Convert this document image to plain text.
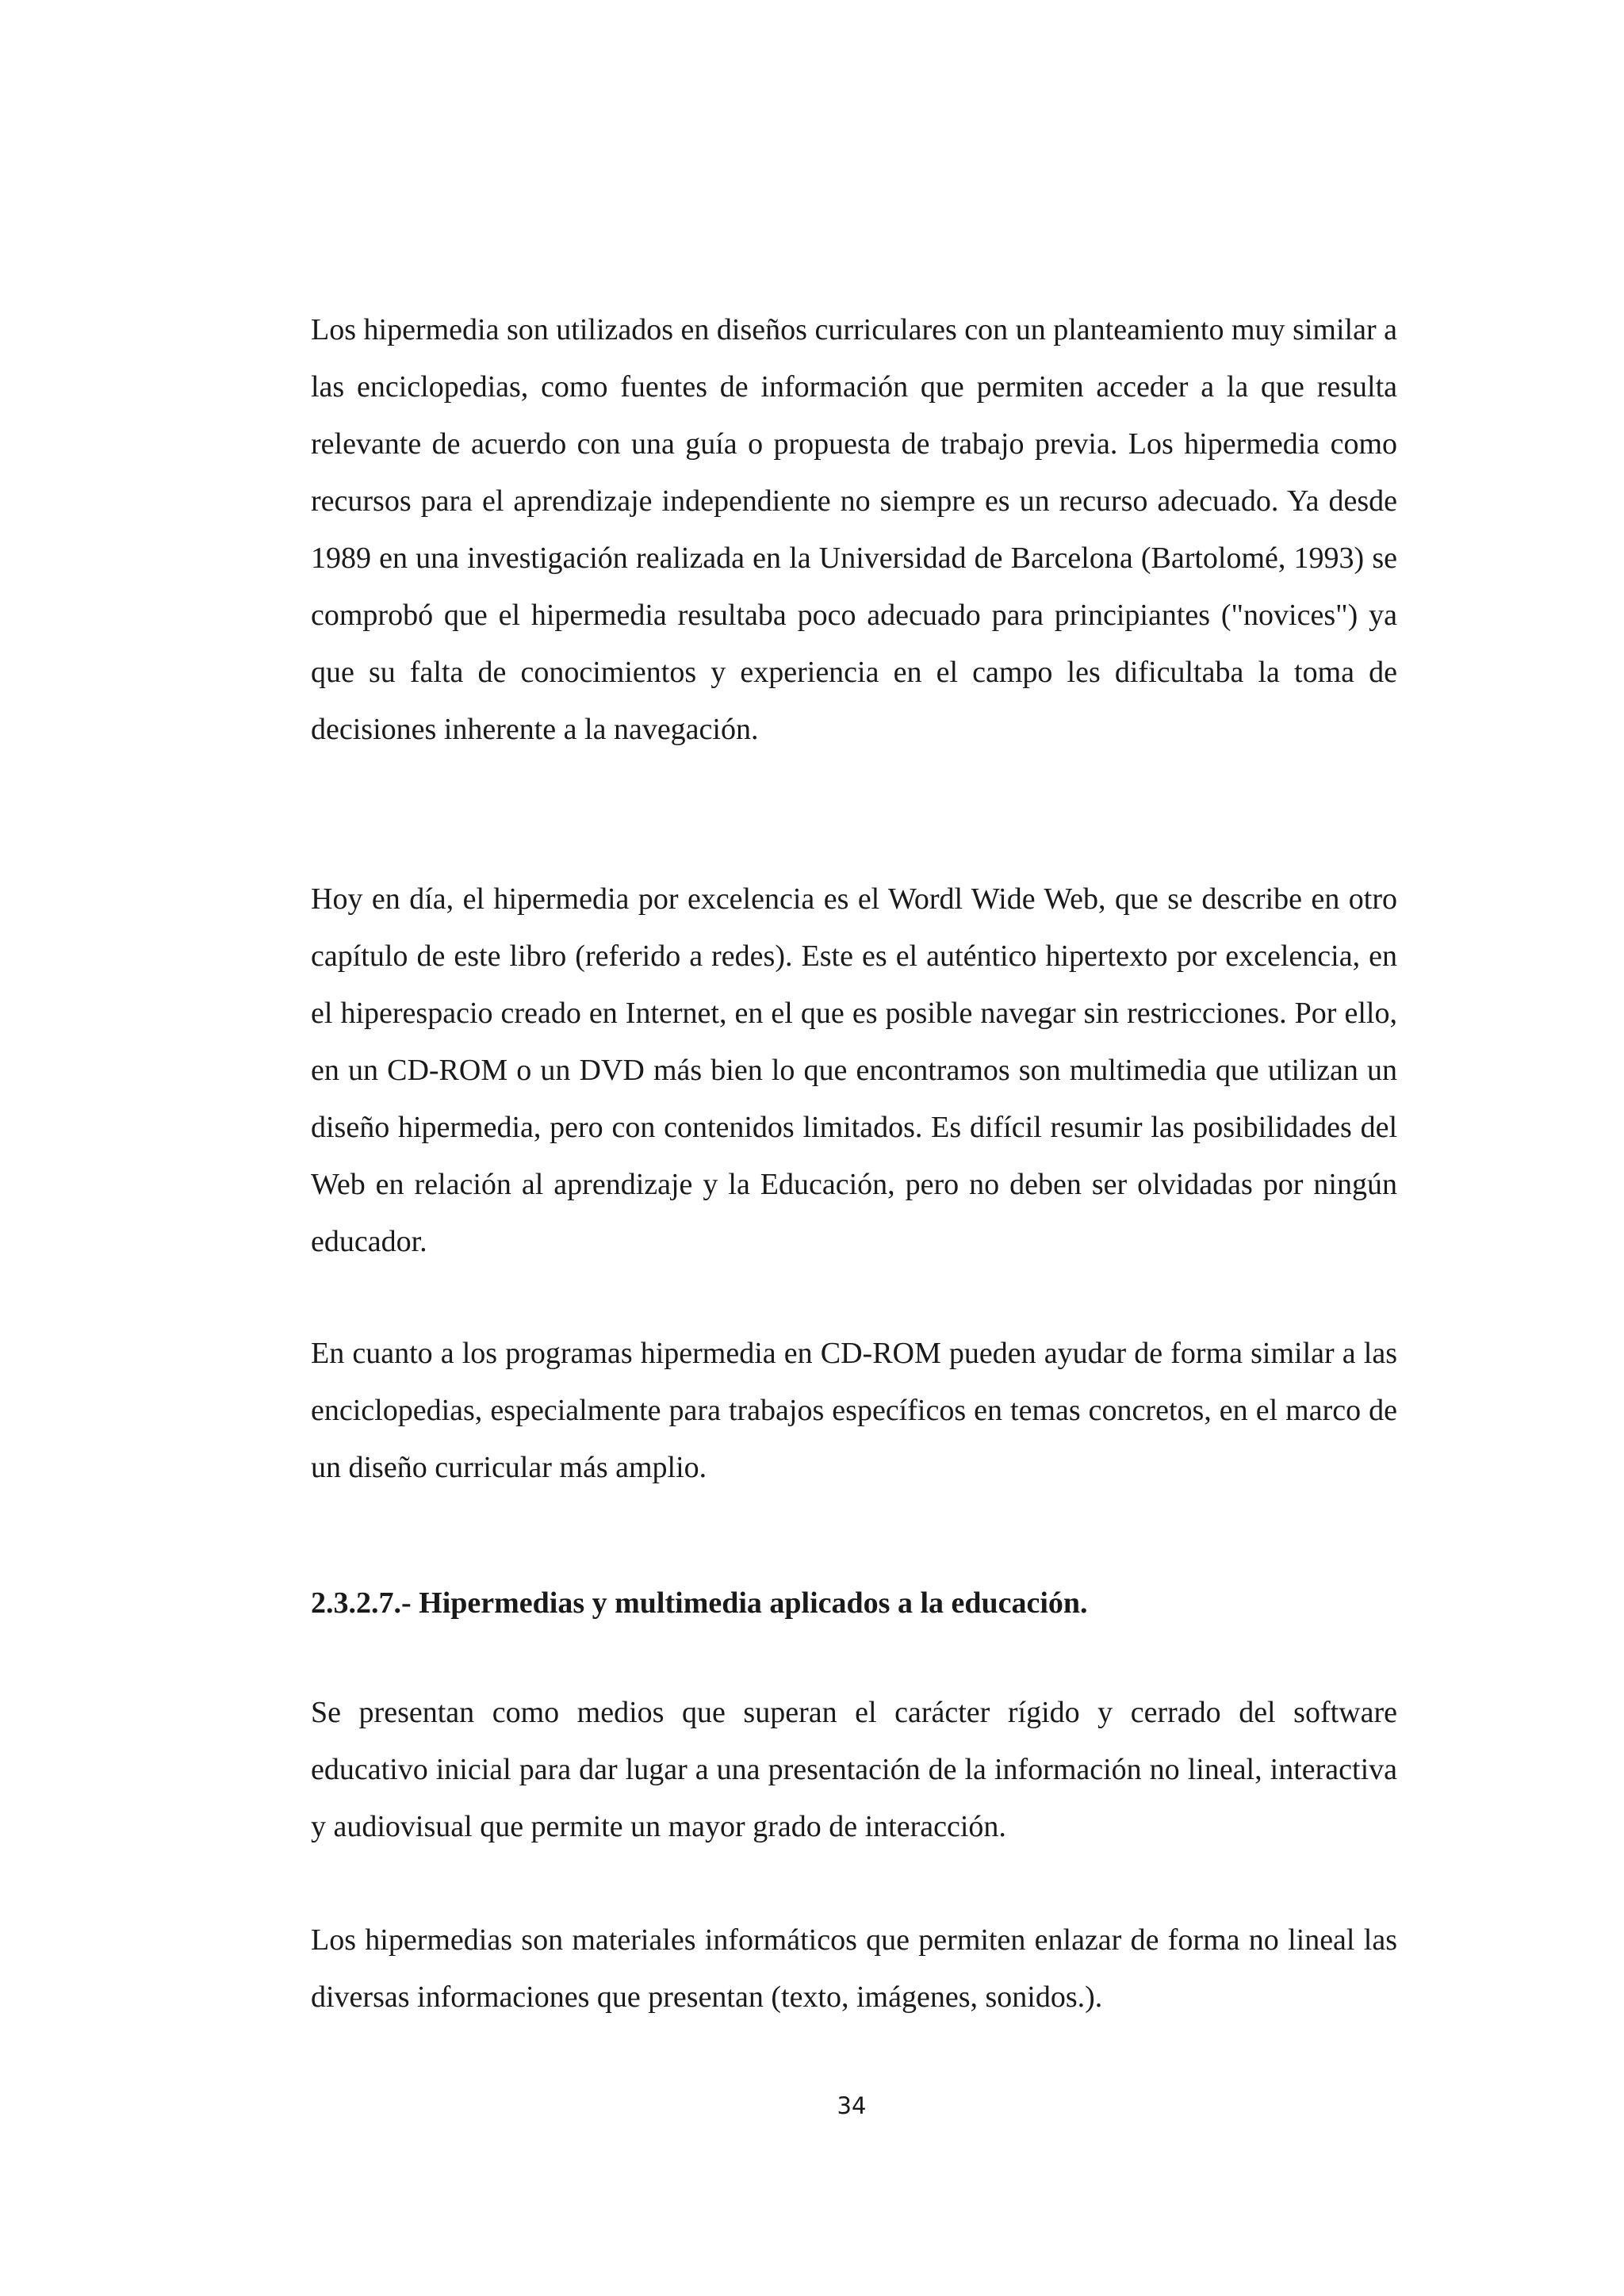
Los hipermedia son utilizados en diseños curriculares con un planteamiento muy similar a las enciclopedias, como fuentes de información que permiten acceder a la que resulta relevante de acuerdo con una guía o propuesta de trabajo previa. Los hipermedia como recursos para el aprendizaje independiente no siempre es un recurso adecuado. Ya desde 1989 en una investigación realizada en la Universidad de Barcelona (Bartolomé, 1993) se comprobó que el hipermedia resultaba poco adecuado para principiantes ("novices") ya que su falta de conocimientos y experiencia en el campo les dificultaba la toma de decisiones inherente a la navegación.

Hoy en día, el hipermedia por excelencia es el Wordl Wide Web, que se describe en otro capítulo de este libro (referido a redes). Este es el auténtico hipertexto por excelencia, en el hiperespacio creado en Internet, en el que es posible navegar sin restricciones. Por ello, en un CD-ROM o un DVD más bien lo que encontramos son multimedia que utilizan un diseño hipermedia, pero con contenidos limitados. Es difícil resumir las posibilidades del Web en relación al aprendizaje y la Educación, pero no deben ser olvidadas por ningún educador.

En cuanto a los programas hipermedia en CD-ROM pueden ayudar de forma similar a las enciclopedias, especialmente para trabajos específicos en temas concretos, en el marco de un diseño curricular más amplio.

2.3.2.7.- Hipermedias y multimedia aplicados a la educación.

Se presentan como medios que superan el carácter rígido y cerrado del software educativo inicial para dar lugar a una presentación de la información no lineal, interactiva y audiovisual que permite un mayor grado de interacción.

Los hipermedias son materiales informáticos que permiten enlazar de forma no lineal las diversas informaciones que presentan (texto, imágenes, sonidos.).

34
